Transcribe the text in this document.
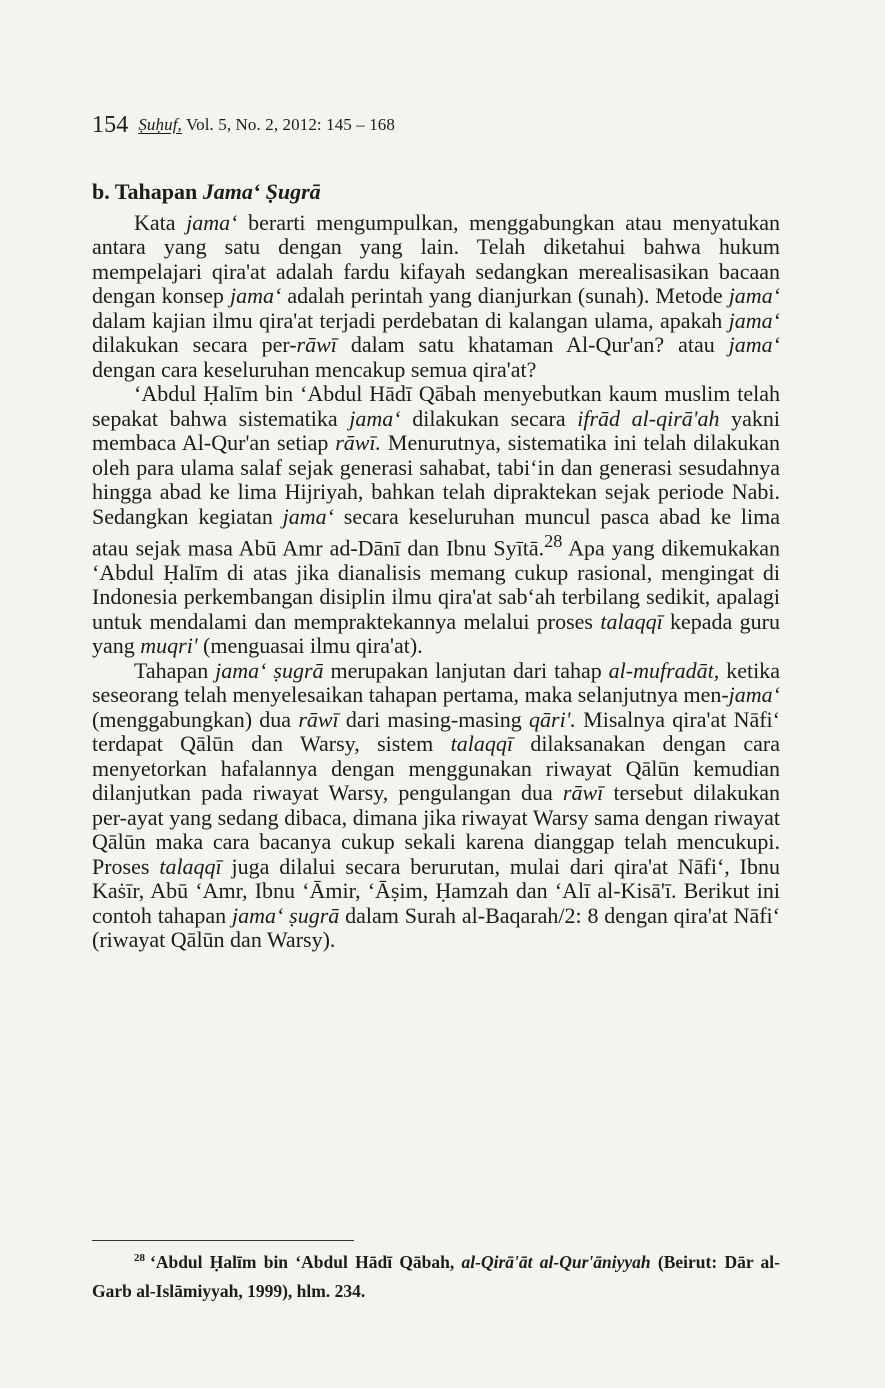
154 Ṣuḥuf, Vol. 5, No. 2, 2012: 145 – 168
b. Tahapan Jama‘ Ṣugrā

Kata jama‘ berarti mengumpulkan, menggabungkan atau menyatukan antara yang satu dengan yang lain. Telah diketahui bahwa hukum mempelajari qira'at adalah fardu kifayah sedangkan merealisasikan bacaan dengan konsep jama‘ adalah perintah yang dianjurkan (sunah). Metode jama‘ dalam kajian ilmu qira'at terjadi perdebatan di kalangan ulama, apakah jama‘ dilakukan secara per-rāwī dalam satu khataman Al-Qur'an? atau jama‘ dengan cara keseluruhan mencakup semua qira'at?

‘Abdul Ḥalīm bin ‘Abdul Hādī Qābah menyebutkan kaum muslim telah sepakat bahwa sistematika jama‘ dilakukan secara ifrād al-qirā'ah yakni membaca Al-Qur'an setiap rāwī. Menurutnya, sistematika ini telah dilakukan oleh para ulama salaf sejak generasi sahabat, tabi‘in dan generasi sesudahnya hingga abad ke lima Hijriyah, bahkan telah dipraktekan sejak periode Nabi. Sedangkan kegiatan jama‘ secara keseluruhan muncul pasca abad ke lima atau sejak masa Abū Amr ad-Dānī dan Ibnu Syītā.$^{28}$ Apa yang dikemukakan ‘Abdul Ḥalīm di atas jika dianalisis memang cukup rasional, mengingat di Indonesia perkembangan disiplin ilmu qira'at sab‘ah terbilang sedikit, apalagi untuk mendalami dan mempraktekannya melalui proses talaqqī kepada guru yang muqri' (menguasai ilmu qira'at).

Tahapan jama‘ ṣugrā merupakan lanjutan dari tahap al-mufradāt, ketika seseorang telah menyelesaikan tahapan pertama, maka selanjutnya men-jama‘ (menggabungkan) dua rāwī dari masing-masing qāri'. Misalnya qira'at Nāfi‘ terdapat Qālūn dan Warsy, sistem talaqqī dilaksanakan dengan cara menyetorkan hafalannya dengan menggunakan riwayat Qālūn kemudian dilanjutkan pada riwayat Warsy, pengulangan dua rāwī tersebut dilakukan per-ayat yang sedang dibaca, dimana jika riwayat Warsy sama dengan riwayat Qālūn maka cara bacanya cukup sekali karena dianggap telah mencukupi. Proses talaqqī juga dilalui secara berurutan, mulai dari qira'at Nāfi‘, Ibnu Kaṡīr, Abū ‘Amr, Ibnu ‘Āmir, ‘Āṣim, Ḥamzah dan ‘Alī al-Kisā'ī. Berikut ini contoh tahapan jama‘ ṣugrā dalam Surah al-Baqarah/2: 8 dengan qira'at Nāfi‘ (riwayat Qālūn dan Warsy).

$^{28}$ ‘Abdul Ḥalīm bin ‘Abdul Hādī Qābah, al-Qirā'āt al-Qur'āniyyah (Beirut: Dār al-Garb al-Islāmiyyah, 1999), hlm. 234.
